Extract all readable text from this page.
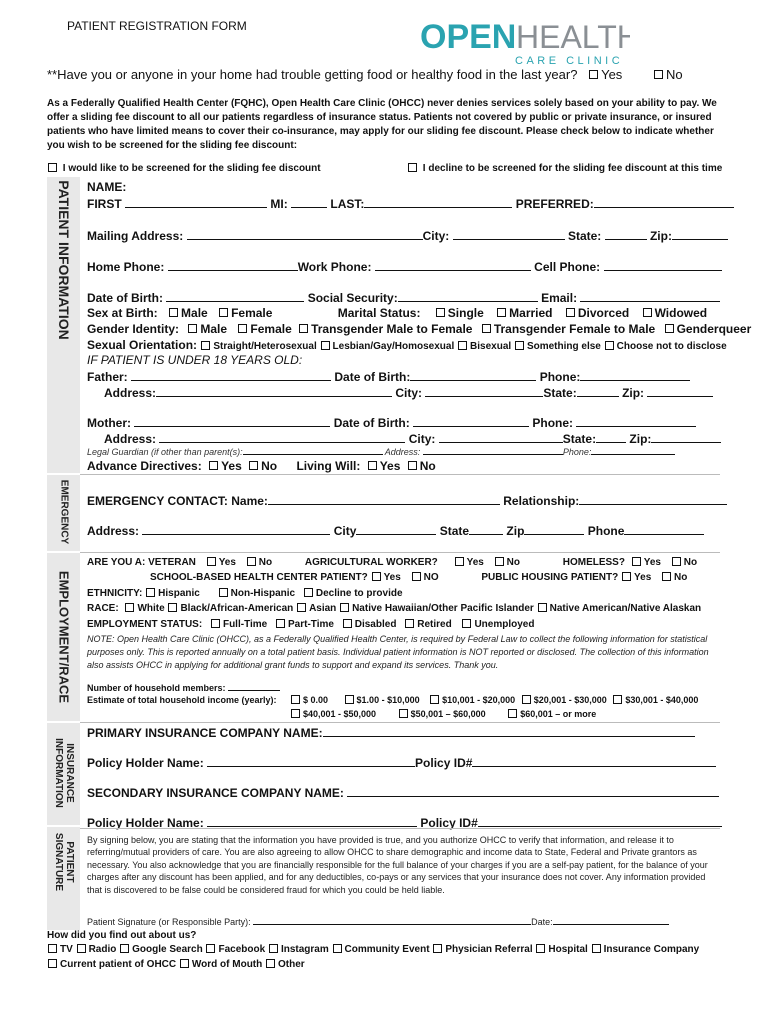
PATIENT REGISTRATION FORM	OPEN HEALTH
CARE CLINIC
**Have you or anyone in your home had trouble getting food or healthy food in the last year? Yes	No
As a Federally Qualified Health Center (FQHC), Open Health Care Clinic (OHCC) never denies services solely based on your ability to pay. We offer a sliding fee discount to all our patients regardless of insurance status. Patients not covered by public or private insurance, or insured patients who have limited means to cover their co-insurance, may apply for our sliding fee discount. Please check below to indicate whether you wish to be screened for the sliding fee discount:
I would like to be screened for the sliding fee discount	I decline to be screened for the sliding fee discount at this time
PATIENT INFORMATION
EMERGENCY
EMPLOYMENT/RACE
INSURANCE INFORMATION
PATIENT SIGNATURE
NAME:
FIRST	MI:	LAST:	PREFERRED:
Mailing Address:	City:	State:	Zip:
Home Phone:	Work Phone:	Cell Phone:
Date of Birth:	Social Security:	Email:
Sex at Birth: Male Female	Marital Status: Single Married Divorced Widowed
Gender Identity: Male Female Transgender Male to Female Transgender Female to Male Genderqueer
Sexual Orientation: Straight/Heterosexual Lesbian/Gay/Homosexual Bisexual Something else Choose not to disclose
IF PATIENT IS UNDER 18 YEARS OLD:
Father:	Date of Birth:	Phone:
Address:	City:	State:	Zip:
Mother:	Date of Birth:	Phone:
Address:	City:	State:	Zip:
Legal Guardian (if other than parent(s):	Address:	Phone:
Advance Directives: Yes No Living Will: Yes No
EMERGENCY CONTACT: Name:	Relationship:
Address:	City	State	Zip	Phone
ARE YOU A: VETERAN Yes No	AGRICULTURAL WORKER?	Yes No	HOMELESS? Yes No
SCHOOL-BASED HEALTH CENTER PATIENT? Yes NO	PUBLIC HOUSING PATIENT? Yes No
ETHNICITY: Hispanic	Non-Hispanic Decline to provide
RACE: White Black/African-American Asian Native Hawaiian/Other Pacific Islander Native American/Native Alaskan
EMPLOYMENT STATUS: Full-Time Part-Time Disabled Retired Unemployed
NOTE: Open Health Care Clinic (OHCC), as a Federally Qualified Health Center, is required by Federal Law to collect the following information for statistical purposes only. This is reported annually on a total patient basis. Individual patient information is NOT reported or disclosed. The collection of this information also assists OHCC in applying for additional grant funds to support and expand its services. Thank you.
Number of household members:
Estimate of total household income (yearly):	$ 0.00	$1.00 - $10,000	$10,001 - $20,000 $20,001 - $30,000 $30,001 - $40,000
$40,001 - $50,000	$50,001 – $60,000	$60,001 – or more
PRIMARY INSURANCE COMPANY NAME:
Policy Holder Name:	Policy ID#
SECONDARY INSURANCE COMPANY NAME:
Policy Holder Name:	Policy ID#
By signing below, you are stating that the information you have provided is true, and you authorize OHCC to verify that information, and release it to referring/mutual providers of care. You are also agreeing to allow OHCC to share demographic and income data to State, Federal and Private grantors as necessary. You also acknowledge that you are financially responsible for the full balance of your charges if you are a self-pay patient, for the balance of your charges after any discount has been applied, and for any deductibles, co-pays or any services that your insurance does not cover. Any information provided that is discovered to be false could be considered fraud for which you could be held liable.
Patient Signature (or Responsible Party):	Date:
How did you find out about us?
TV Radio Google Search Facebook Instagram Community Event Physician Referral Hospital Insurance Company
Current patient of OHCC Word of Mouth Other
